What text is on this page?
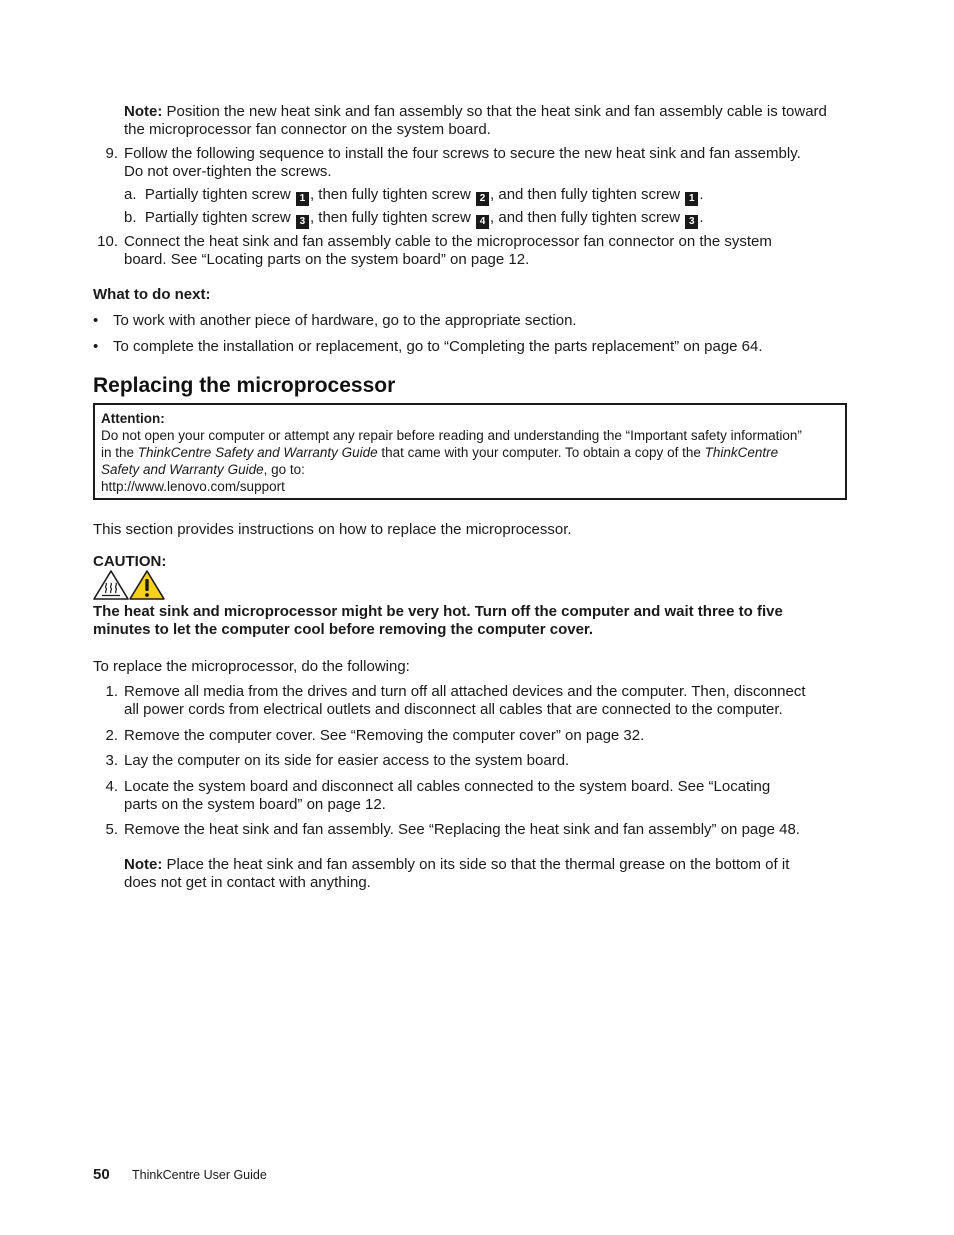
Note: Position the new heat sink and fan assembly so that the heat sink and fan assembly cable is toward the microprocessor fan connector on the system board.
9. Follow the following sequence to install the four screws to secure the new heat sink and fan assembly.
Do not over-tighten the screws.
a. Partially tighten screw 1 , then fully tighten screw 2 , and then fully tighten screw 1 .
b. Partially tighten screw 3 , then fully tighten screw 4 , and then fully tighten screw 3 .
10. Connect the heat sink and fan assembly cable to the microprocessor fan connector on the system
board. See “Locating parts on the system board” on page 12.
What to do next:
• To work with another piece of hardware, go to the appropriate section.
• To complete the installation or replacement, go to “Completing the parts replacement” on page 64.
Replacing the microprocessor
Attention:
Do not open your computer or attempt any repair before reading and understanding the “Important safety information”
in the ThinkCentre Safety and Warranty Guide that came with your computer. To obtain a copy of the ThinkCentre
Safety and Warranty Guide, go to:
http://www.lenovo.com/support
This section provides instructions on how to replace the microprocessor.
CAUTION:
The heat sink and microprocessor might be very hot. Turn off the computer and wait three to five
minutes to let the computer cool before removing the computer cover.
To replace the microprocessor, do the following:
1. Remove all media from the drives and turn off all attached devices and the computer. Then, disconnect
all power cords from electrical outlets and disconnect all cables that are connected to the computer.
2. Remove the computer cover. See “Removing the computer cover” on page 32.
3. Lay the computer on its side for easier access to the system board.
4. Locate the system board and disconnect all cables connected to the system board. See “Locating
parts on the system board” on page 12.
5. Remove the heat sink and fan assembly. See “Replacing the heat sink and fan assembly” on page 48.
Note: Place the heat sink and fan assembly on its side so that the thermal grease on the bottom of it
does not get in contact with anything.
50 ThinkCentre User Guide
